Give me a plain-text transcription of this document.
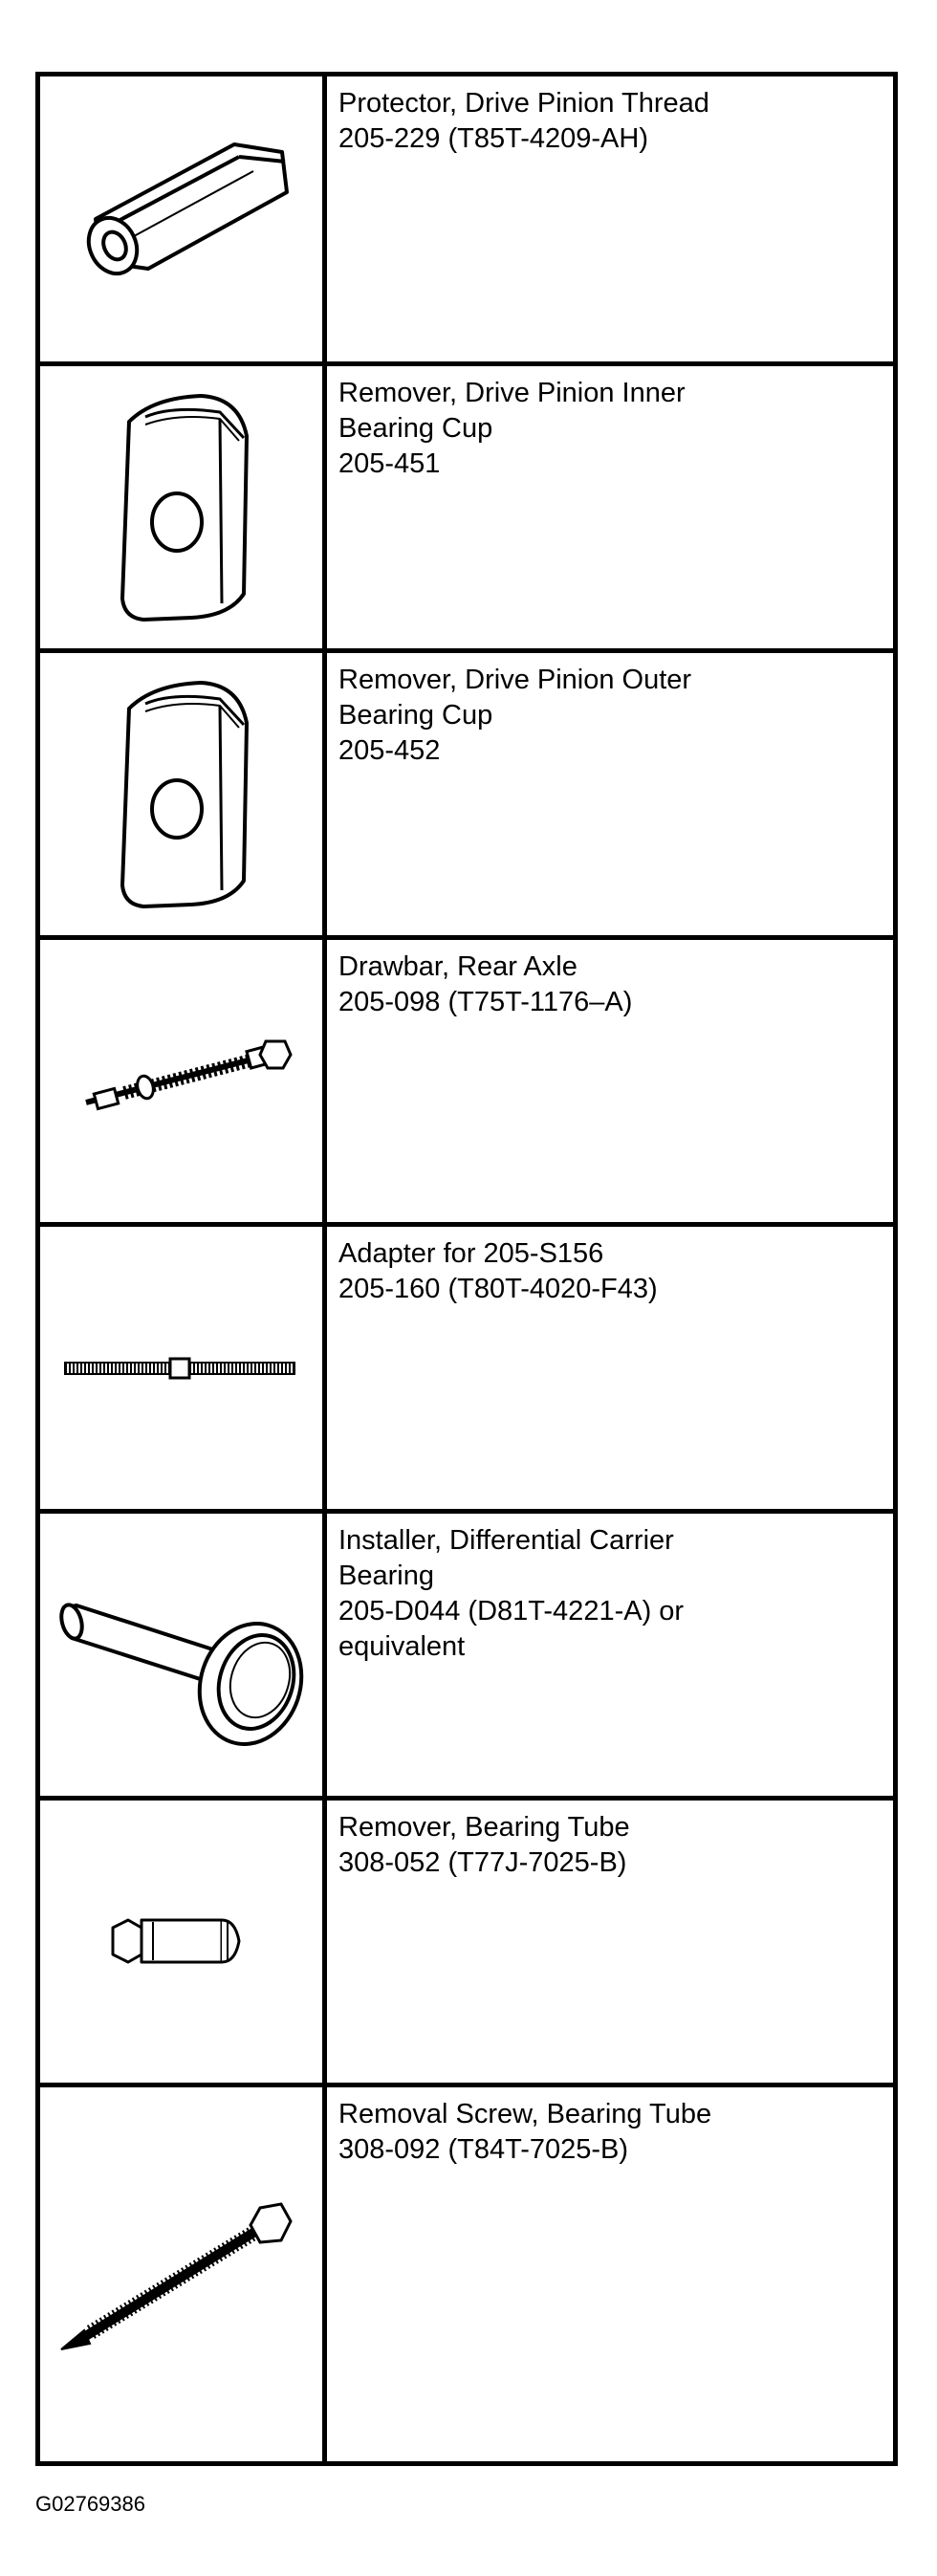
Protector, Drive Pinion Thread
205-229 (T85T-4209-AH)
Remover, Drive Pinion Inner
Bearing Cup
205-451
Remover, Drive Pinion Outer
Bearing Cup
205-452
Drawbar, Rear Axle
205-098 (T75T-1176–A)
Adapter for 205-S156
205-160 (T80T-4020-F43)
Installer, Differential Carrier
Bearing
205-D044 (D81T-4221-A) or
equivalent
Remover, Bearing Tube
308-052 (T77J-7025-B)
Removal Screw, Bearing Tube
308-092 (T84T-7025-B)
G02769386
